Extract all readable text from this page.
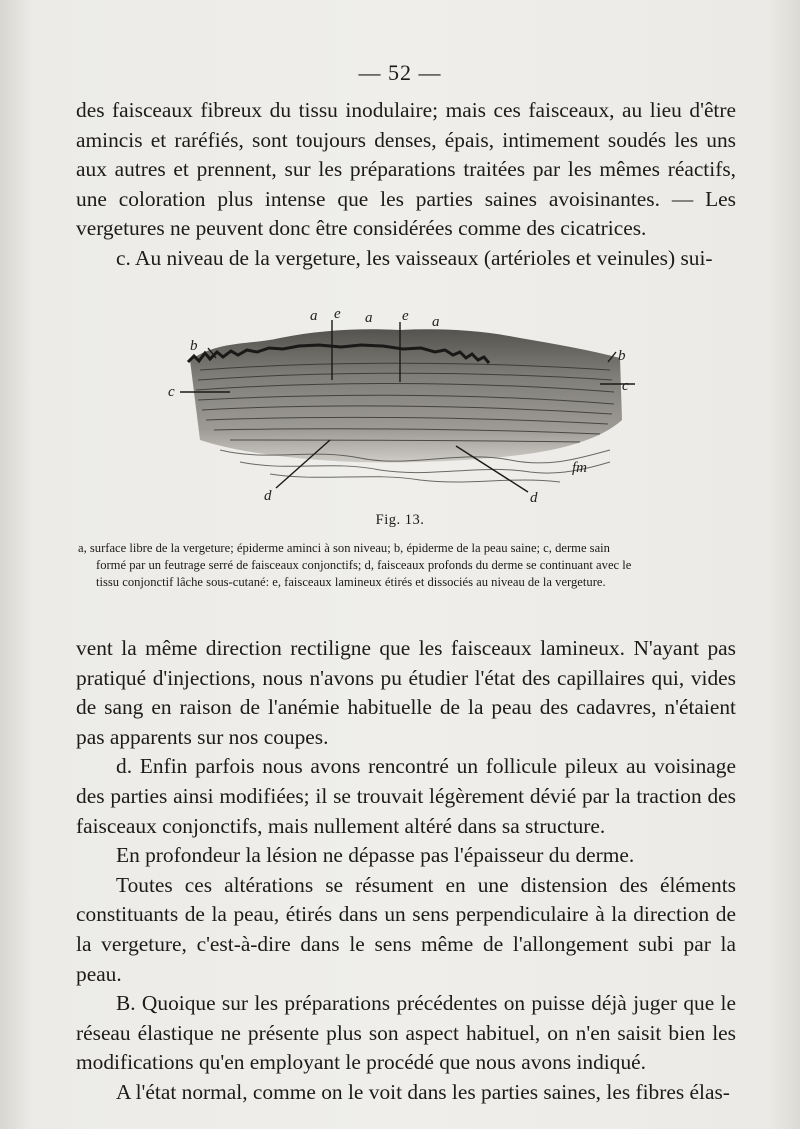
— 52 —

des faisceaux fibreux du tissu inodulaire; mais ces faisceaux, au lieu d'être amincis et raréfiés, sont toujours denses, épais, intimement soudés les uns aux autres et prennent, sur les préparations traitées par les mêmes réactifs, une coloration plus intense que les parties saines avoisinantes. — Les vergetures ne peuvent donc être considérées comme des cicatrices.

c. Au niveau de la vergeture, les vaisseaux (artérioles et veinules) sui-

a e a e a
b
b
c	c
d	d
fm
Fig. 13.
a, surface libre de la vergeture; épiderme aminci à son niveau; b, épiderme de la peau saine; c, derme sain
formé par un feutrage serré de faisceaux conjonctifs; d, faisceaux profonds du derme se continuant avec le
tissu conjonctif lâche sous-cutané: e, faisceaux lamineux étirés et dissociés au niveau de la vergeture.

vent la même direction rectiligne que les faisceaux lamineux. N'ayant pas pratiqué d'injections, nous n'avons pu étudier l'état des capillaires qui, vides de sang en raison de l'anémie habituelle de la peau des cadavres, n'étaient pas apparents sur nos coupes.

d. Enfin parfois nous avons rencontré un follicule pileux au voisinage des parties ainsi modifiées; il se trouvait légèrement dévié par la traction des faisceaux conjonctifs, mais nullement altéré dans sa structure.

En profondeur la lésion ne dépasse pas l'épaisseur du derme.

Toutes ces altérations se résument en une distension des éléments constituants de la peau, étirés dans un sens perpendiculaire à la direction de la vergeture, c'est-à-dire dans le sens même de l'allongement subi par la peau.

B. Quoique sur les préparations précédentes on puisse déjà juger que le réseau élastique ne présente plus son aspect habituel, on n'en saisit bien les modifications qu'en employant le procédé que nous avons indiqué.

A l'état normal, comme on le voit dans les parties saines, les fibres élas-
